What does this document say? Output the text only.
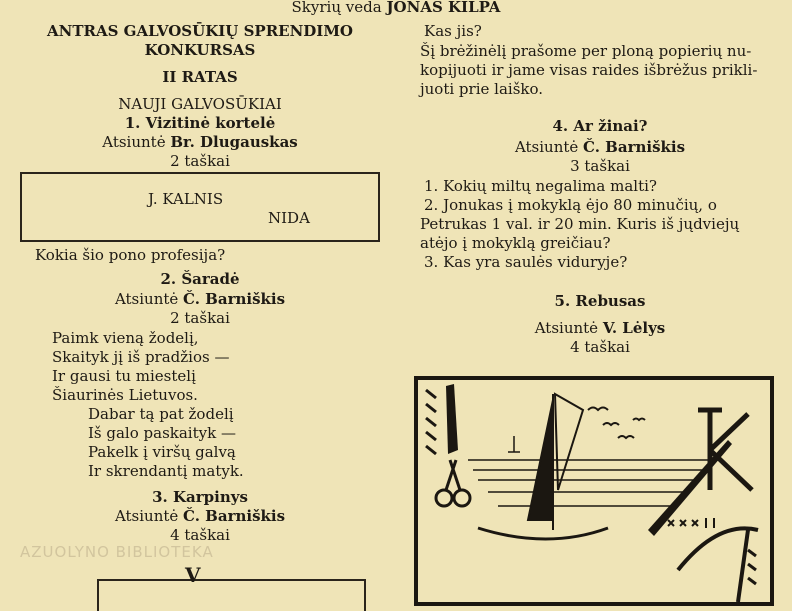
Skyrių veda JONAS KILPA
ANTRAS GALVOSŪKIŲ SPRENDIMO
KONKURSAS
II RATAS
NAUJI GALVOSŪKIAI
1. Vizitinė kortelė
Atsiuntė Br. Dlugauskas
2 taškai
J. KALNIS
NIDA
Kokia šio pono profesija?
2. Šaradė
Atsiuntė Č. Barniškis
2 taškai
Paimk vieną žodelį,
Skaityk jį iš pradžios —
Ir gausi tu miestelį
Šiaurinės Lietuvos.
Dabar tą pat žodelį
Iš galo paskaityk —
Pakelk į viršų galvą
Ir skrendantį matyk.
3. Karpinys
Atsiuntė Č. Barniškis
4 taškai
AZUOLYNO BIBLIOTEKA
V
Kas jis?
Šį brėžinėlį prašome per ploną popierių nu-
kopijuoti ir jame visas raides išbrėžus prikli-
juoti prie laiško.
4. Ar žinai?
Atsiuntė Č. Barniškis
3 taškai
1. Kokių miltų negalima malti?
2. Jonukas į mokyklą ėjo 80 minučių, o
Petrukas 1 val. ir 20 min. Kuris iš jųdviejų
atėjo į mokyklą greičiau?
3. Kas yra saulės viduryje?
5. Rebusas
Atsiuntė V. Lėlys
4 taškai
